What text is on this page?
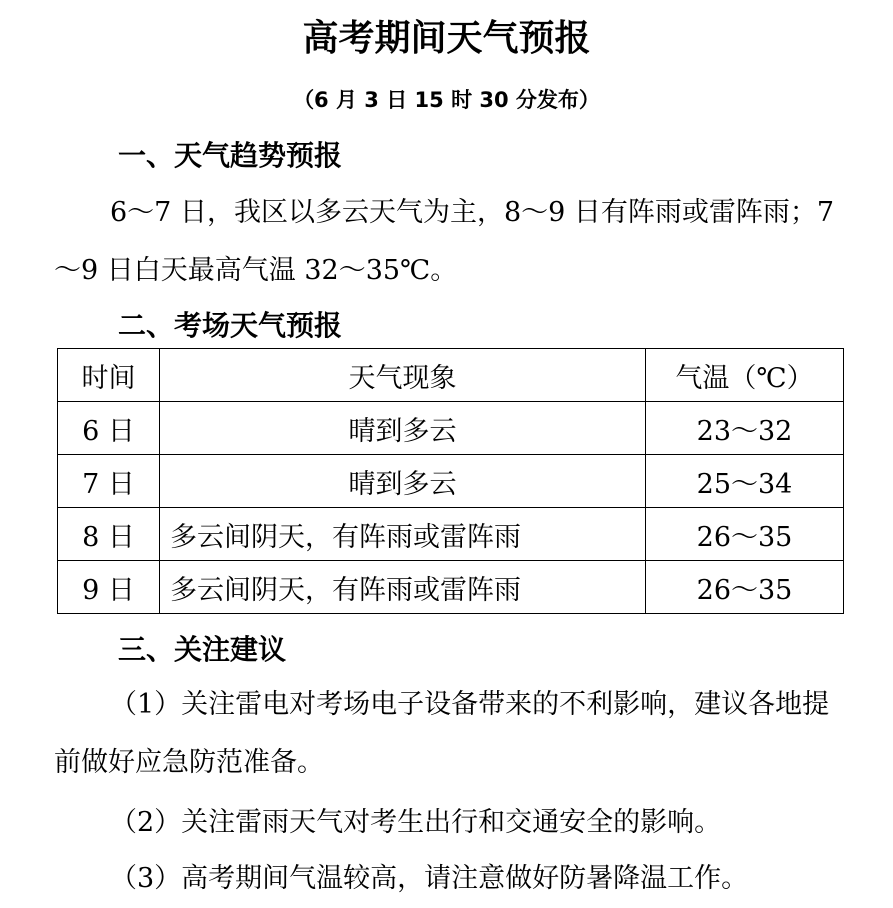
高考期间天气预报
（6 月 3 日 15 时 30 分发布）
一、天气趋势预报
6～7 日，我区以多云天气为主，8～9 日有阵雨或雷阵雨；7～9 日白天最高气温 32～35℃。
二、考场天气预报
时间	天气现象	气温（℃）
6 日	晴到多云	23～32
7 日	晴到多云	25～34
8 日	多云间阴天，有阵雨或雷阵雨	26～35
9 日	多云间阴天，有阵雨或雷阵雨	26～35
三、关注建议
（1）关注雷电对考场电子设备带来的不利影响，建议各地提前做好应急防范准备。
（2）关注雷雨天气对考生出行和交通安全的影响。
（3）高考期间气温较高，请注意做好防暑降温工作。
